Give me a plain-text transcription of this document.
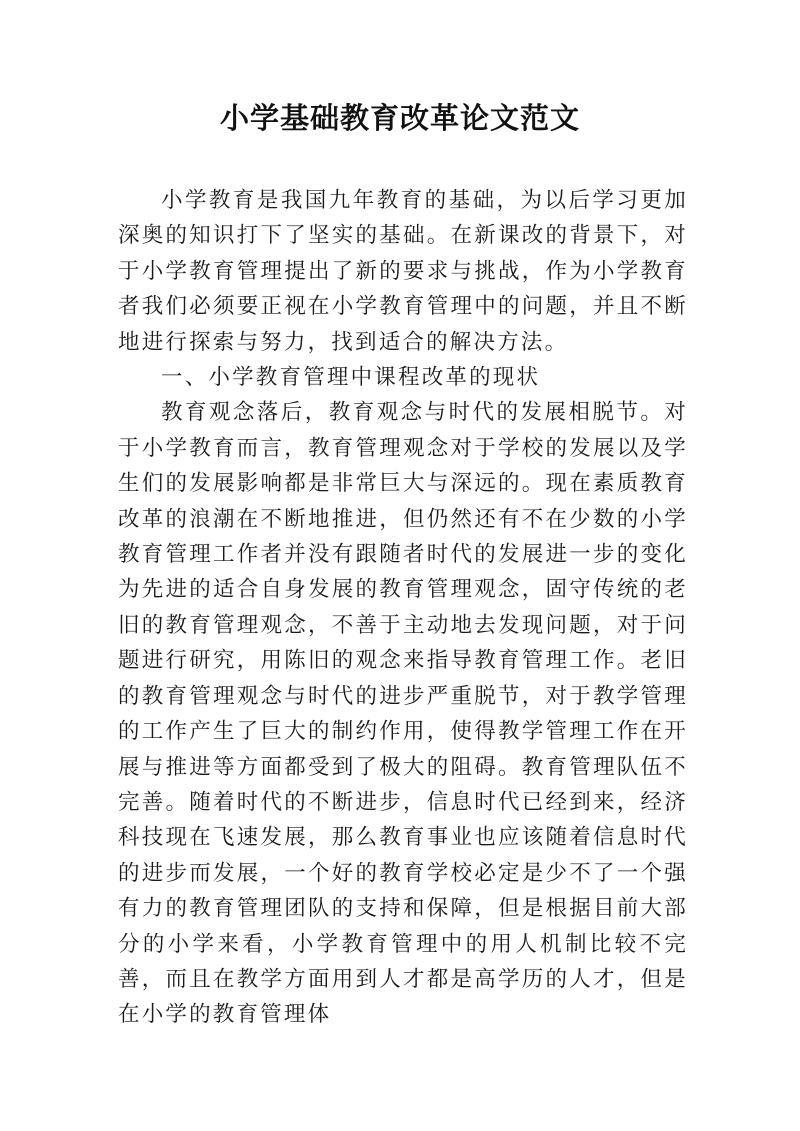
小学基础教育改革论文范文

小学教育是我国九年教育的基础，为以后学习更加深奥的知识打下了坚实的基础。在新课改的背景下，对于小学教育管理提出了新的要求与挑战，作为小学教育者我们必须要正视在小学教育管理中的问题，并且不断地进行探索与努力，找到适合的解决方法。

一、小学教育管理中课程改革的现状

教育观念落后，教育观念与时代的发展相脱节。对于小学教育而言，教育管理观念对于学校的发展以及学生们的发展影响都是非常巨大与深远的。现在素质教育改革的浪潮在不断地推进，但仍然还有不在少数的小学教育管理工作者并没有跟随者时代的发展进一步的变化为先进的适合自身发展的教育管理观念，固守传统的老旧的教育管理观念，不善于主动地去发现问题，对于问题进行研究，用陈旧的观念来指导教育管理工作。老旧的教育管理观念与时代的进步严重脱节，对于教学管理的工作产生了巨大的制约作用，使得教学管理工作在开展与推进等方面都受到了极大的阻碍。教育管理队伍不完善。随着时代的不断进步，信息时代已经到来，经济科技现在飞速发展，那么教育事业也应该随着信息时代的进步而发展，一个好的教育学校必定是少不了一个强有力的教育管理团队的支持和保障，但是根据目前大部分的小学来看，小学教育管理中的用人机制比较不完善，而且在教学方面用到人才都是高学历的人才，但是在小学的教育管理体
